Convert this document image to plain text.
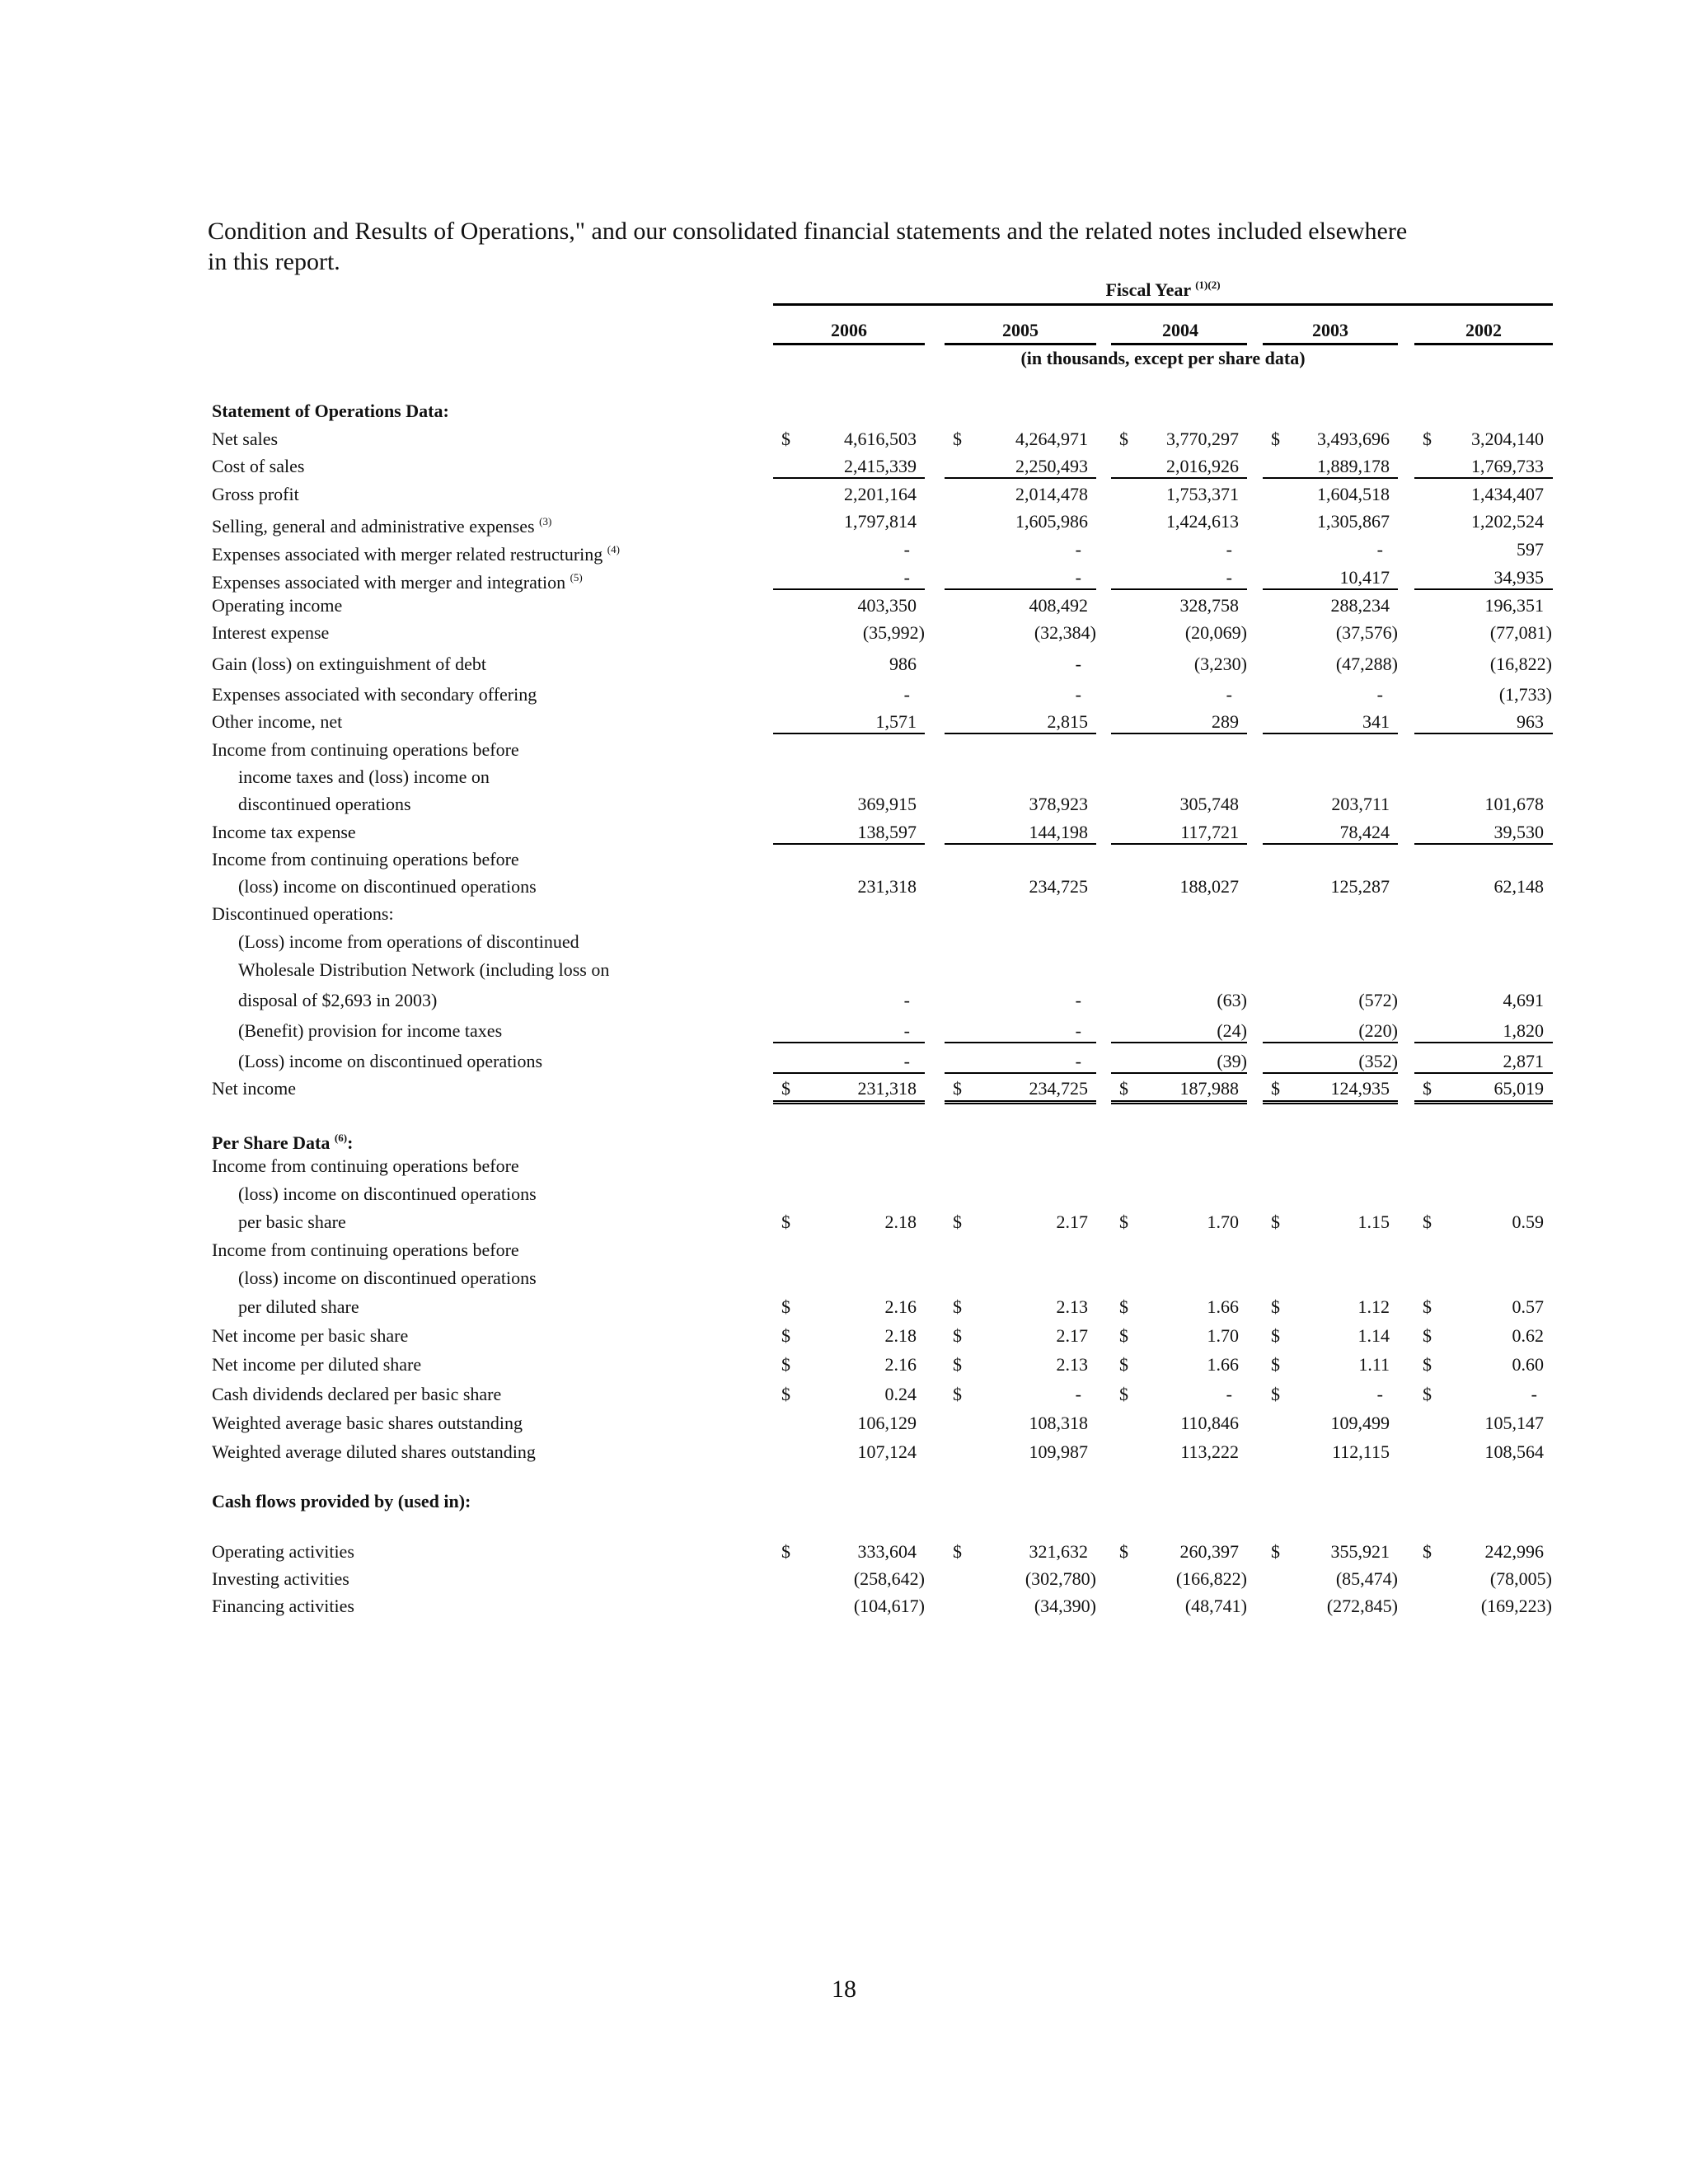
Condition and Results of Operations," and our consolidated financial statements and the related notes included elsewhere

in this report.

Fiscal Year $^{(1)(2)}$
2006	2005	2004	2003	2002
(in thousands, except per share data)
Statement of Operations Data:
Net sales	$	4,616,503 $	4,264,971 $	3,770,297 $	3,493,696 $	3,204,140
Cost of sales	2,415,339	2,250,493	2,016,926	1,889,178	1,769,733
Gross profit	2,201,164	2,014,478	1,753,371	1,604,518	1,434,407
Selling, general and administrative expenses $^{(3)}$	1,797,814	1,605,986	1,424,613	1,305,867	1,202,524
Expenses associated with merger related restructuring $^{(4)}$	-	-	-	-	597
Expenses associated with merger and integration $^{(5)}$	-	-	-	10,417	34,935
Operating income	403,350	408,492	328,758	288,234	196,351
Interest expense	(35,992)	(32,384)	(20,069)	(37,576)	(77,081)
Gain (loss) on extinguishment of debt	986	-	(3,230)	(47,288)	(16,822)
Expenses associated with secondary offering	-	-	-	-	(1,733)
Other income, net	1,571	2,815	289	341	963
Income from continuing operations before
income taxes and (loss) income on
discontinued operations	369,915	378,923	305,748	203,711	101,678
Income tax expense	138,597	144,198	117,721	78,424	39,530
Income from continuing operations before
(loss) income on discontinued operations	231,318	234,725	188,027	125,287	62,148
Discontinued operations:
(Loss) income from operations of discontinued
Wholesale Distribution Network (including loss on
disposal of $2,693 in 2003)	-	-	(63)	(572)	4,691
(Benefit) provision for income taxes	-	-	(24)	(220)	1,820
(Loss) income on discontinued operations	-	-	(39)	(352)	2,871
Net income	$	231,318 $	234,725 $	187,988 $	124,935 $	65,019
Per Share Data $^{(6)}$:
Income from continuing operations before
(loss) income on discontinued operations
per basic share	$	2.18 $	2.17 $	1.70 $	1.15 $	0.59
Income from continuing operations before
(loss) income on discontinued operations
per diluted share	$	2.16 $	2.13 $	1.66 $	1.12 $	0.57
Net income per basic share	$	2.18 $	2.17 $	1.70 $	1.14 $	0.62
Net income per diluted share	$	2.16 $	2.13 $	1.66 $	1.11 $	0.60
Cash dividends declared per basic share	$	0.24 $	- $	- $	- $	-
Weighted average basic shares outstanding	106,129	108,318	110,846	109,499	105,147
Weighted average diluted shares outstanding	107,124	109,987	113,222	112,115	108,564
Cash flows provided by (used in):
Operating activities	$	333,604 $	321,632 $	260,397 $	355,921 $	242,996
Investing activities	(258,642)	(302,780)	(166,822)	(85,474)	(78,005)
Financing activities	(104,617)	(34,390)	(48,741)	(272,845)	(169,223)
18
